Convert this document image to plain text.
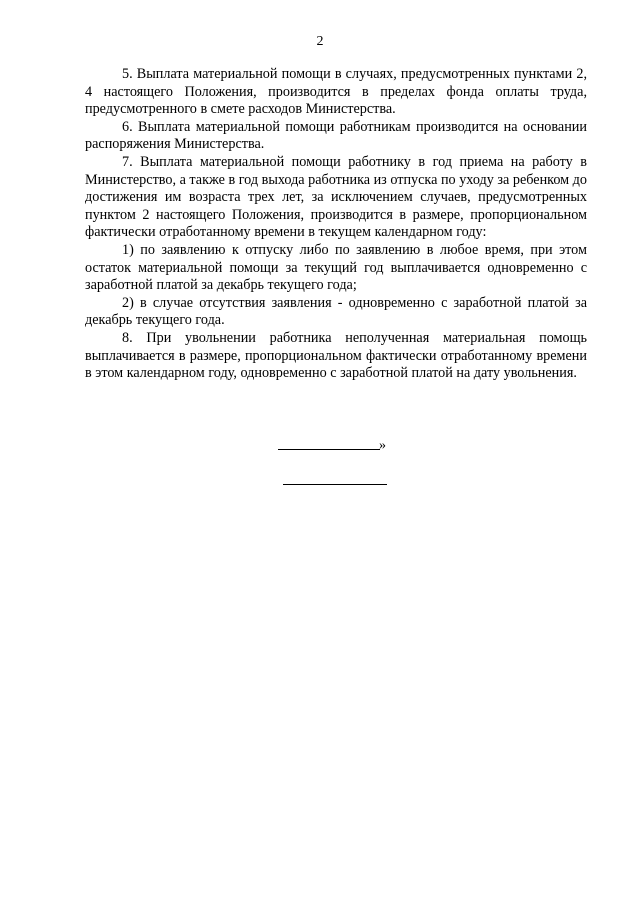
2

5. Выплата материальной помощи в случаях, предусмотренных пунктами 2, 4 настоящего Положения, производится в пределах фонда оплаты труда, предусмотренного в смете расходов Министерства.

6. Выплата материальной помощи работникам производится на основании распоряжения Министерства.

7. Выплата материальной помощи работнику в год приема на работу в Министерство, а также в год выхода работника из отпуска по уходу за ребенком до достижения им возраста трех лет, за исключением случаев, предусмотренных пунктом 2 настоящего Положения, производится в размере, пропорциональном фактически отработанному времени в текущем календарном году:

1) по заявлению к отпуску либо по заявлению в любое время, при этом остаток материальной помощи за текущий год выплачивается одновременно с заработной платой за декабрь текущего года;

2) в случае отсутствия заявления - одновременно с заработной платой за декабрь текущего года.

8. При увольнении работника неполученная материальная помощь выплачивается в размере, пропорциональном фактически отработанному времени в этом календарном году, одновременно с заработной платой на дату увольнения.

»
